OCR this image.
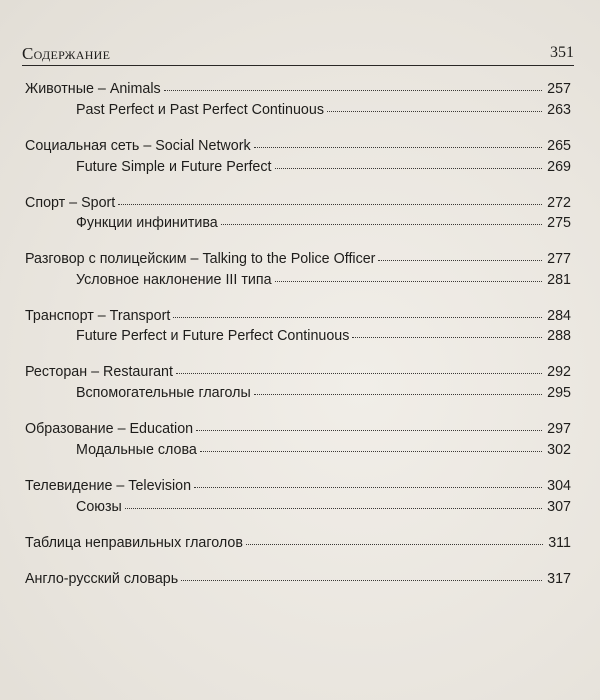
Содержание	351
Животные – Animals	257
Past Perfect и Past Perfect Continuous	263
Социальная сеть – Social Network	265
Future Simple и Future Perfect	269
Спорт – Sport	272
Функции инфинитива	275
Разговор с полицейским – Talking to the Police Officer	277
Условное наклонение III типа	281
Транспорт – Transport	284
Future Perfect и Future Perfect Continuous	288
Ресторан – Restaurant	292
Вспомогательные глаголы	295
Образование – Education	297
Модальные слова	302
Телевидение – Television	304
Союзы	307
Таблица неправильных глаголов	311
Англо-русский словарь	317
